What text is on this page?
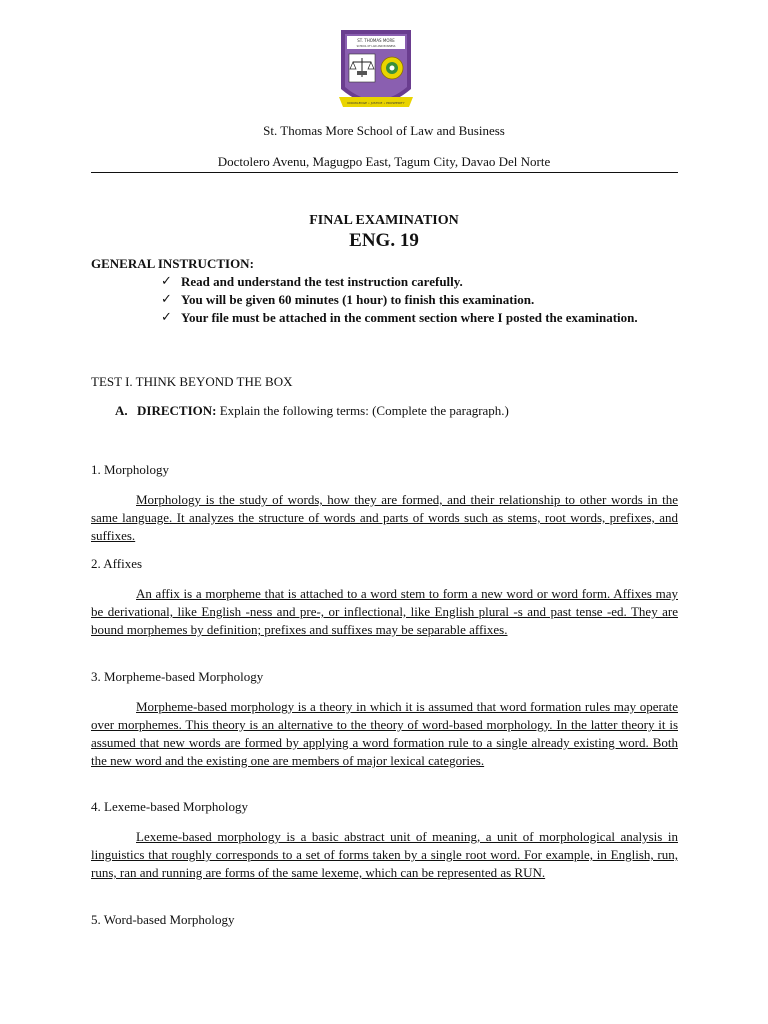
ST. THOMAS MORE
SCHOOL OF LAW AND BUSINESS
KNOWLEDGE • JUSTICE • PROSPERITY
St. Thomas More School of Law and Business
Doctolero Avenu, Magugpo East, Tagum City, Davao Del Norte
FINAL EXAMINATION
ENG. 19
GENERAL INSTRUCTION:
✓ Read and understand the test instruction carefully.
✓ You will be given 60 minutes (1 hour) to finish this examination.
✓ Your file must be attached in the comment section where I posted the examination.
TEST I. THINK BEYOND THE BOX
A. DIRECTION: Explain the following terms: (Complete the paragraph.)
1. Morphology

Morphology is the study of words, how they are formed, and their relationship to other words in the same language. It analyzes the structure of words and parts of words such as stems, root words, prefixes, and suffixes.

2. Affixes

An affix is a morpheme that is attached to a word stem to form a new word or word form. Affixes may be derivational, like English -ness and pre-, or inflectional, like English plural -s and past tense -ed. They are bound morphemes by definition; prefixes and suffixes may be separable affixes.

3. Morpheme-based Morphology

Morpheme-based morphology is a theory in which it is assumed that word formation rules may operate over morphemes. This theory is an alternative to the theory of word-based morphology. In the latter theory it is assumed that new words are formed by applying a word formation rule to a single already existing word. Both the new word and the existing one are members of major lexical categories.

4. Lexeme-based Morphology

Lexeme-based morphology is a basic abstract unit of meaning, a unit of morphological analysis in linguistics that roughly corresponds to a set of forms taken by a single root word. For example, in English, run, runs, ran and running are forms of the same lexeme, which can be represented as RUN.

5. Word-based Morphology
